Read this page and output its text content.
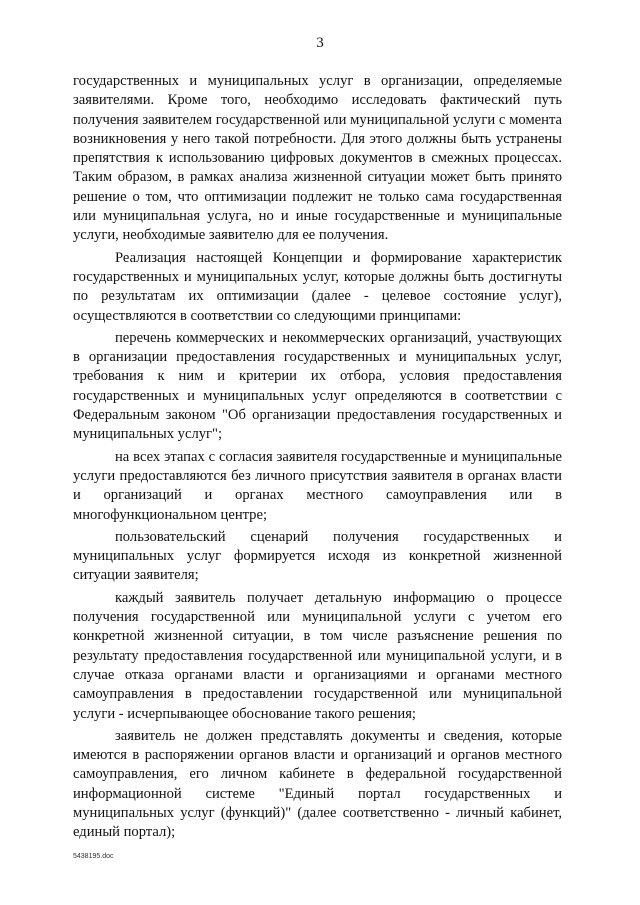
3

государственных и муниципальных услуг в организации, определяемые заявителями. Кроме того, необходимо исследовать фактический путь получения заявителем государственной или муниципальной услуги с момента возникновения у него такой потребности. Для этого должны быть устранены препятствия к использованию цифровых документов в смежных процессах. Таким образом, в рамках анализа жизненной ситуации может быть принято решение о том, что оптимизации подлежит не только сама государственная или муниципальная услуга, но и иные государственные и муниципальные услуги, необходимые заявителю для ее получения.

Реализация настоящей Концепции и формирование характеристик государственных и муниципальных услуг, которые должны быть достигнуты по результатам их оптимизации (далее - целевое состояние услуг), осуществляются в соответствии со следующими принципами:

перечень коммерческих и некоммерческих организаций, участвующих в организации предоставления государственных и муниципальных услуг, требования к ним и критерии их отбора, условия предоставления государственных и муниципальных услуг определяются в соответствии с Федеральным законом "Об организации предоставления государственных и муниципальных услуг";

на всех этапах с согласия заявителя государственные и муниципальные услуги предоставляются без личного присутствия заявителя в органах власти и организаций и органах местного самоуправления или в многофункциональном центре;

пользовательский сценарий получения государственных и муниципальных услуг формируется исходя из конкретной жизненной ситуации заявителя;

каждый заявитель получает детальную информацию о процессе получения государственной или муниципальной услуги с учетом его конкретной жизненной ситуации, в том числе разъяснение решения по результату предоставления государственной или муниципальной услуги, и в случае отказа органами власти и организациями и органами местного самоуправления в предоставлении государственной или муниципальной услуги - исчерпывающее обоснование такого решения;

заявитель не должен представлять документы и сведения, которые имеются в распоряжении органов власти и организаций и органов местного самоуправления, его личном кабинете в федеральной государственной информационной системе "Единый портал государственных и муниципальных услуг (функций)" (далее соответственно - личный кабинет, единый портал);

5438195.doc
